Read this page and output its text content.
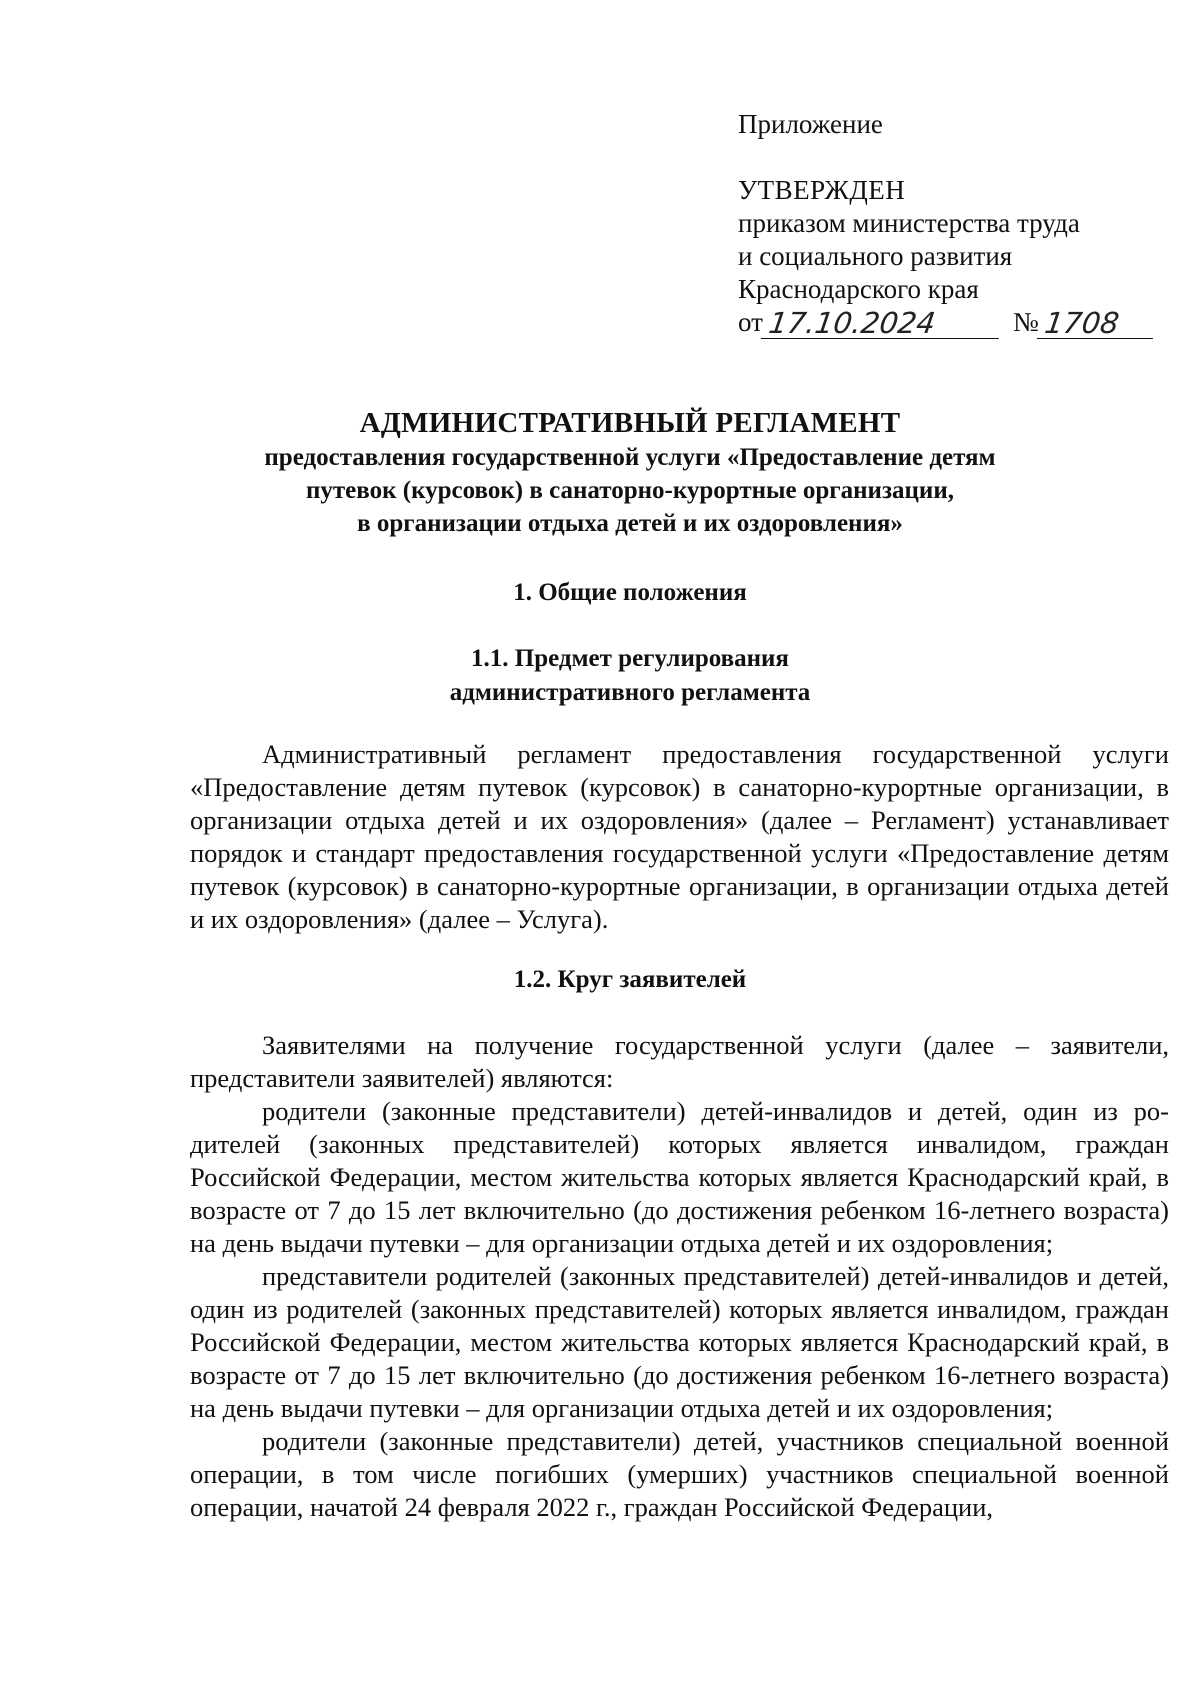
Приложение
УТВЕРЖДЕН
приказом министерства труда
и социального развития
Краснодарского края
от 17.10.2024	№ 1708
АДМИНИСТРАТИВНЫЙ РЕГЛАМЕНТ
предоставления государственной услуги «Предоставление детям
путевок (курсовок) в санаторно-курортные организации,
в организации отдыха детей и их оздоровления»
1. Общие положения
1.1. Предмет регулирования
административного регламента

Административный регламент предоставления государственной услуги «Предоставление детям путевок (курсовок) в санаторно-курортные организации, в организации отдыха детей и их оздоровления» (далее – Регламент) устанавливает порядок и стандарт предоставления государственной услуги «Предоставление детям путевок (курсовок) в санаторно-курортные организации, в организации отдыха детей и их оздоровления» (далее – Услуга).

1.2. Круг заявителей

Заявителями на получение государственной услуги (далее – заявители, представители заявителей) являются:

родители (законные представители) детей-инвалидов и детей, один из родителей (законных представителей) которых является инвалидом, граждан Российской Федерации, местом жительства которых является Краснодарский край, в возрасте от 7 до 15 лет включительно (до достижения ребенком 16-летнего возраста) на день выдачи путевки – для организации отдыха детей и их оздоровления;

представители родителей (законных представителей) детей-инвалидов и детей, один из родителей (законных представителей) которых является инвалидом, граждан Российской Федерации, местом жительства которых является Краснодарский край, в возрасте от 7 до 15 лет включительно (до достижения ребенком 16-летнего возраста) на день выдачи путевки – для организации отдыха детей и их оздоровления;

родители (законные представители) детей, участников специальной военной операции, в том числе погибших (умерших) участников специальной военной операции, начатой 24 февраля 2022 г., граждан Российской Федерации,
